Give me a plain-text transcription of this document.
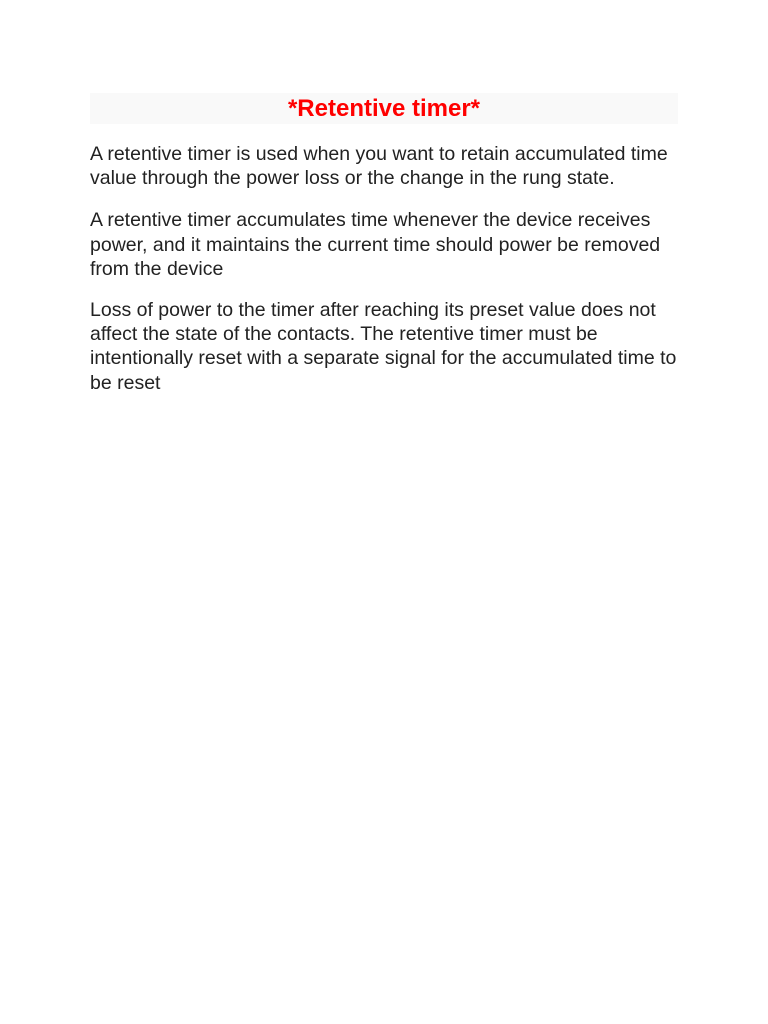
*Retentive timer*

A retentive timer is used when you want to retain accumulated time value through the power loss or the change in the rung state.

A retentive timer accumulates time whenever the device receives power, and it maintains the current time should power be removed from the device

Loss of power to the timer after reaching its preset value does not affect the state of the contacts. The retentive timer must be intentionally reset with a separate signal for the accumulated time to be reset
